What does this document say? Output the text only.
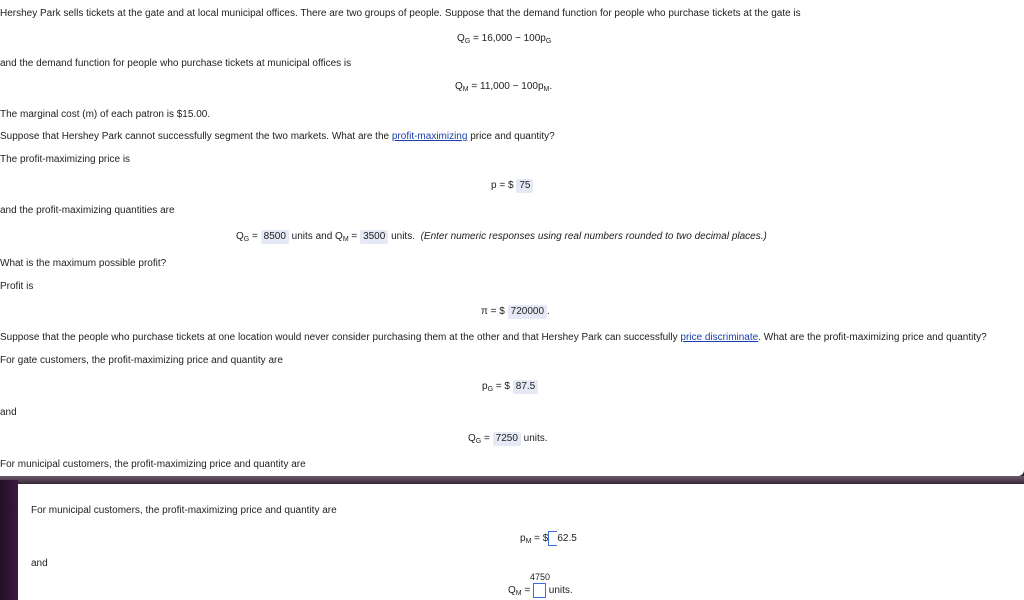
Hershey Park sells tickets at the gate and at local municipal offices. There are two groups of people. Suppose that the demand function for people who purchase tickets at the gate is
$Q_G = 16,000 - 100p_G$
and the demand function for people who purchase tickets at municipal offices is
$Q_M = 11,000 - 100p_M$.
The marginal cost (m) of each patron is $15.00.
Suppose that Hershey Park cannot successfully segment the two markets. What are the profit-maximizing price and quantity?
The profit-maximizing price is
p = $ 75
and the profit-maximizing quantities are
$Q_G = 8500$ units and $Q_M = 3500$ units. (Enter numeric responses using real numbers rounded to two decimal places.)
What is the maximum possible profit?
Profit is
π = $ 720000 .
Suppose that the people who purchase tickets at one location would never consider purchasing them at the other and that Hershey Park can successfully price discriminate. What are the profit-maximizing price and quantity?
For gate customers, the profit-maximizing price and quantity are
$p_G$ = $ 87.5
and
$Q_G = 7250$ units.
For municipal customers, the profit-maximizing price and quantity are
For municipal customers, the profit-maximizing price and quantity are
$p_M$ = $ 62.5
and
4750
$Q_M$ =  units.
